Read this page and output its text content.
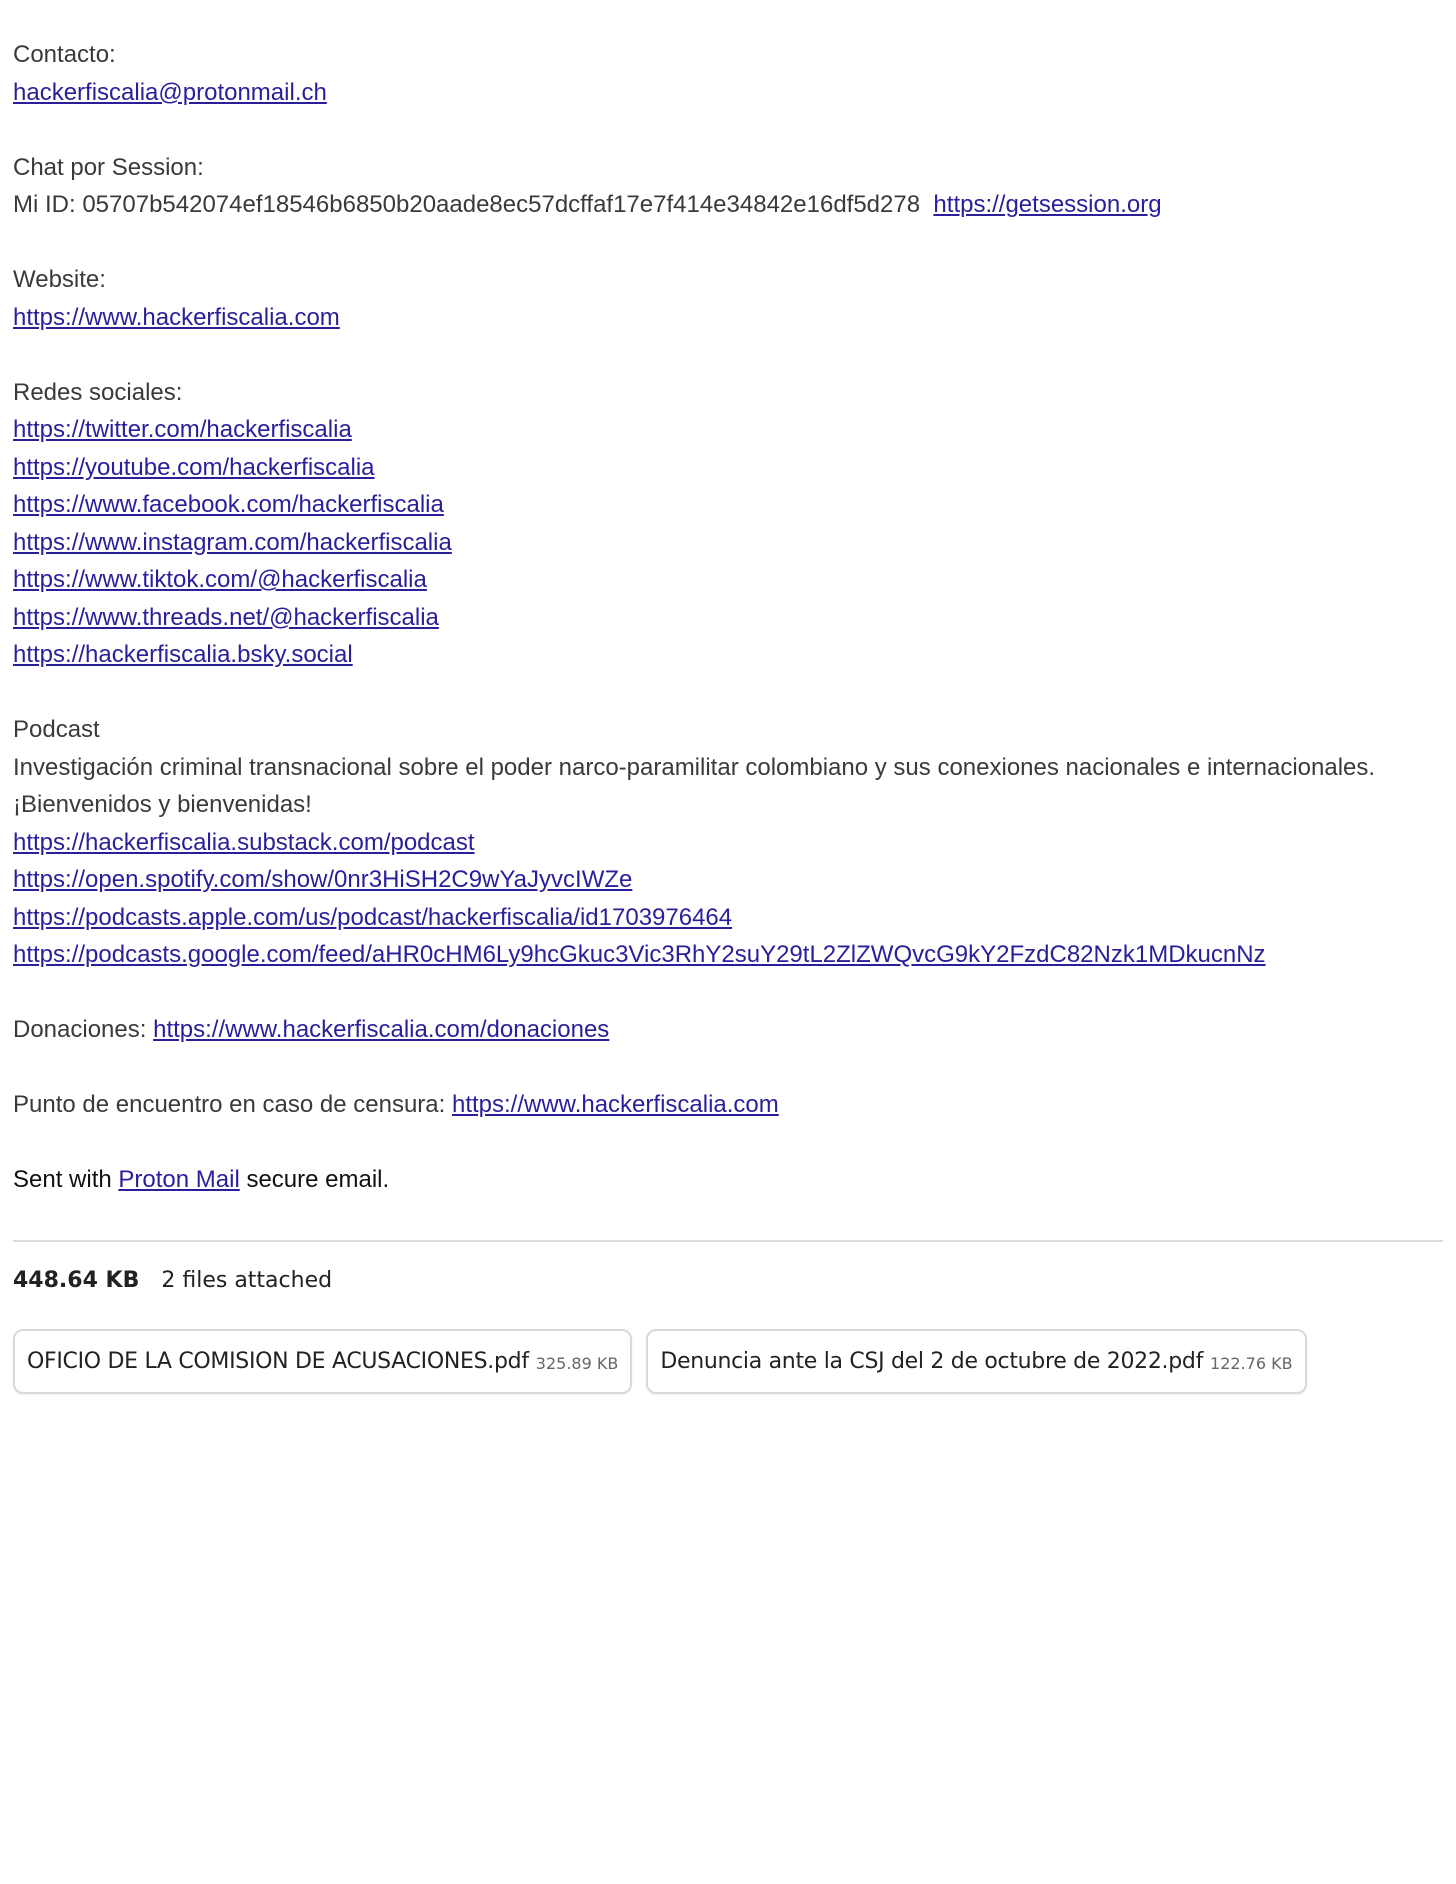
Contacto:
hackerfiscalia@protonmail.ch
Chat por Session:
Mi ID: 05707b542074ef18546b6850b20aade8ec57dcffaf17e7f414e34842e16df5d278 https://getsession.org
Website:
https://www.hackerfiscalia.com
Redes sociales:
https://twitter.com/hackerfiscalia
https://youtube.com/hackerfiscalia
https://www.facebook.com/hackerfiscalia
https://www.instagram.com/hackerfiscalia
https://www.tiktok.com/@hackerfiscalia
https://www.threads.net/@hackerfiscalia
https://hackerfiscalia.bsky.social
Podcast
Investigación criminal transnacional sobre el poder narco-paramilitar colombiano y sus conexiones nacionales e internacionales.
¡Bienvenidos y bienvenidas!
https://hackerfiscalia.substack.com/podcast
https://open.spotify.com/show/0nr3HiSH2C9wYaJyvcIWZe
https://podcasts.apple.com/us/podcast/hackerfiscalia/id1703976464
https://podcasts.google.com/feed/aHR0cHM6Ly9hcGkuc3Vic3RhY2suY29tL2ZlZWQvcG9kY2FzdC82Nzk1MDkucnNz
Donaciones: https://www.hackerfiscalia.com/donaciones
Punto de encuentro en caso de censura: https://www.hackerfiscalia.com
Sent with Proton Mail secure email.
448.64 KB 2 files attached
OFICIO DE LA COMISION DE ACUSACIONES.pdf 325.89 KB Denuncia ante la CSJ del 2 de octubre de 2022.pdf 122.76 KB
